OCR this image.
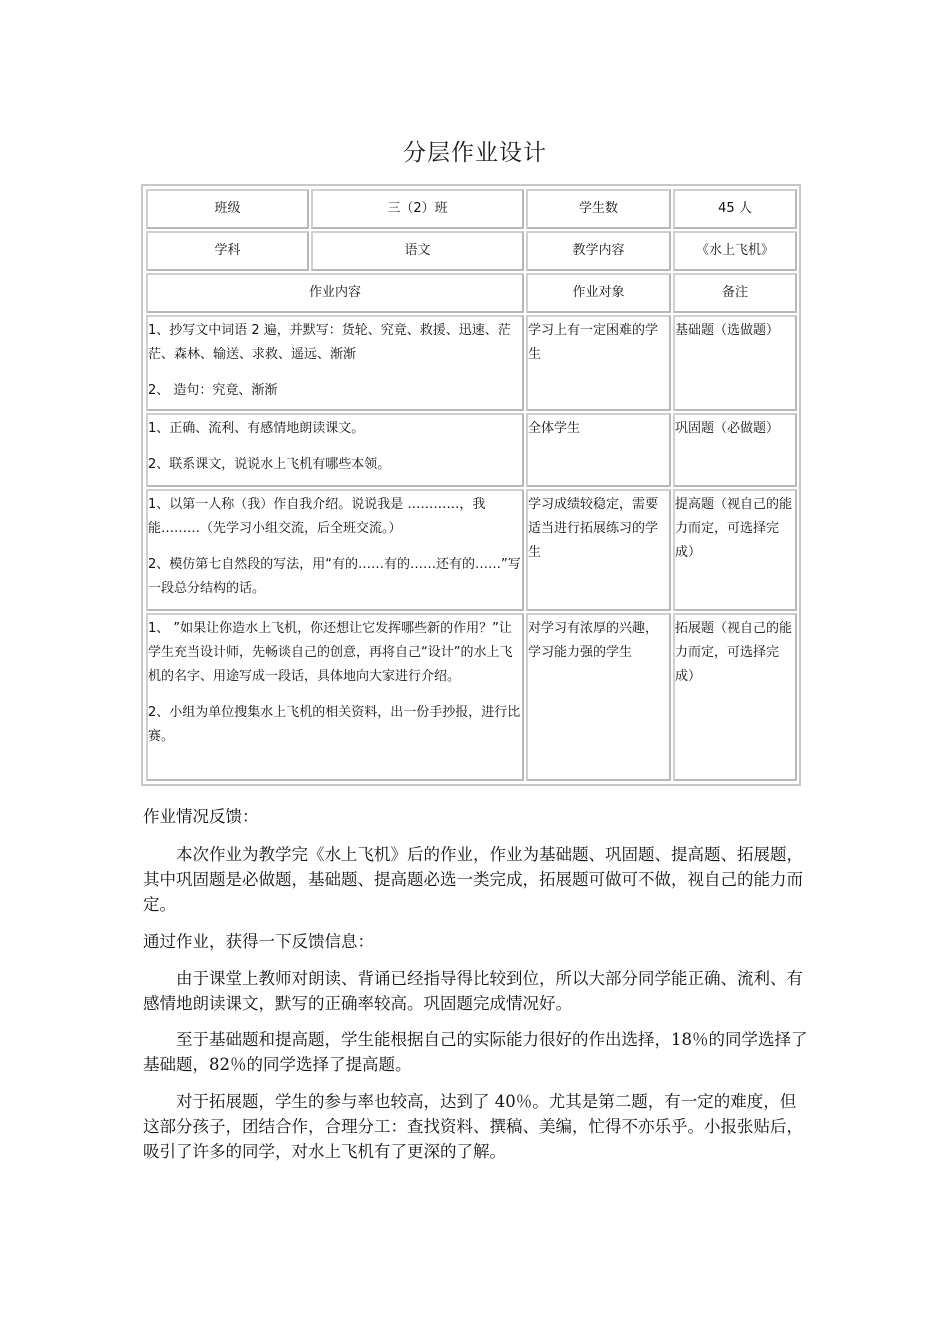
分层作业设计
班级	三（2）班	学生数	45 人
学科	语文	教学内容	《水上飞机》
作业内容		作业对象	备注

1、抄写文中词语 2 遍，并默写：货轮、究竟、救援、迅速、茫茫、森林、输送、求救、遥远、渐渐

2、 造句：究竟、渐渐		学习上有一定困难的学生	基础题（选做题）

1、正确、流利、有感情地朗读课文。

2、联系课文，说说水上飞机有哪些本领。		全体学生	巩固题（必做题）

1、以第一人称（我）作自我介绍。说说我是 …………，我能………（先学习小组交流，后全班交流。）

2、模仿第七自然段的写法，用“有的……有的……还有的……”写一段总分结构的话。		学习成绩较稳定，需要适当进行拓展练习的学生	提高题（视自己的能力而定，可选择完成）

1、 ”如果让你造水上飞机，你还想让它发挥哪些新的作用？”让学生充当设计师，先畅谈自己的创意，再将自己“设计”的水上飞机的名字、用途写成一段话，具体地向大家进行介绍。

2、小组为单位搜集水上飞机的相关资料，出一份手抄报，进行比赛。		对学习有浓厚的兴趣，学习能力强的学生	拓展题（视自己的能力而定，可选择完成）

作业情况反馈：

本次作业为教学完《水上飞机》后的作业，作业为基础题、巩固题、提高题、拓展题，其中巩固题是必做题，基础题、提高题必选一类完成，拓展题可做可不做，视自己的能力而定。

通过作业，获得一下反馈信息：

由于课堂上教师对朗读、背诵已经指导得比较到位，所以大部分同学能正确、流利、有感情地朗读课文，默写的正确率较高。巩固题完成情况好。

至于基础题和提高题，学生能根据自己的实际能力很好的作出选择，18％的同学选择了基础题，82％的同学选择了提高题。

对于拓展题，学生的参与率也较高，达到了 40％。尤其是第二题，有一定的难度，但这部分孩子，团结合作，合理分工：查找资料、撰稿、美编，忙得不亦乐乎。小报张贴后，吸引了许多的同学，对水上飞机有了更深的了解。
